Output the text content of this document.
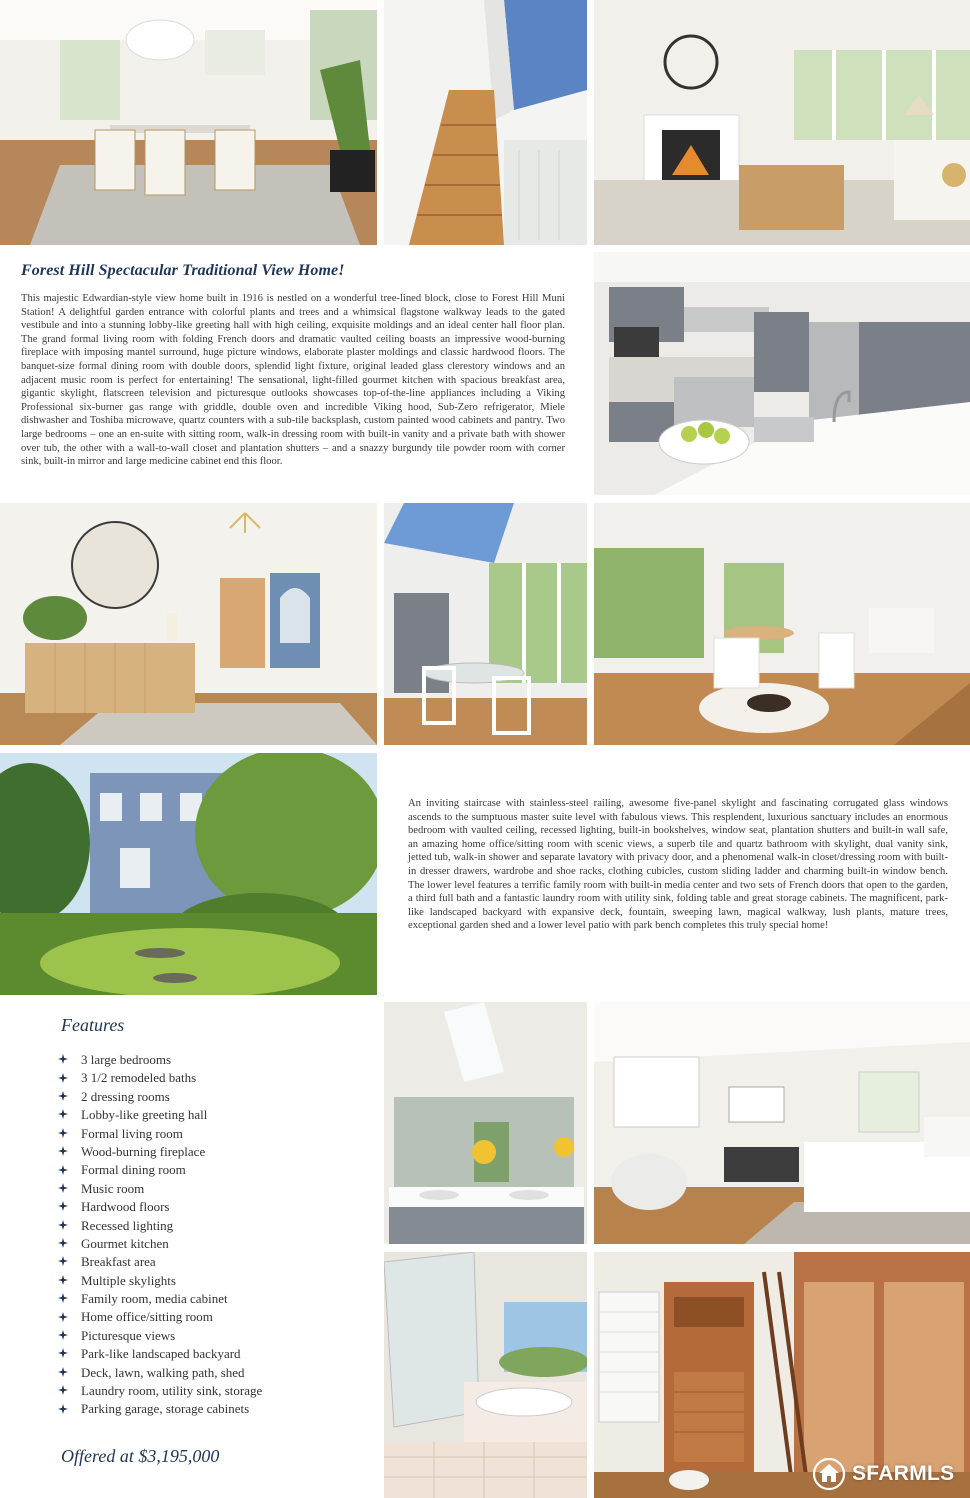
Forest Hill Spectacular Traditional View Home!

This majestic Edwardian-style view home built in 1916 is nestled on a wonderful tree-lined block, close to Forest Hill Muni Station! A delightful garden entrance with colorful plants and trees and a whimsical flagstone walkway leads to the gated vestibule and into a stunning lobby-like greeting hall with high ceiling, exquisite moldings and an ideal center hall floor plan. The grand formal living room with folding French doors and dramatic vaulted ceiling boasts an impressive wood-burning fireplace with imposing mantel surround, huge picture windows, elaborate plaster moldings and classic hardwood floors. The banquet-size formal dining room with double doors, splendid light fixture, original leaded glass clerestory windows and an adjacent music room is perfect for entertaining! The sensational, light-filled gourmet kitchen with spacious breakfast area, gigantic skylight, flatscreen television and picturesque outlooks showcases top-of-the-line appliances including a Viking Professional six-burner gas range with griddle, double oven and incredible Viking hood, Sub-Zero refrigerator, Miele dishwasher and Toshiba microwave, quartz counters with a sub-tile backsplash, custom painted wood cabinets and pantry. Two large bedrooms – one an en-suite with sitting room, walk-in dressing room with built-in vanity and a private bath with shower over tub, the other with a wall-to-wall closet and plantation shutters – and a snazzy burgundy tile powder room with corner sink, built-in mirror and large medicine cabinet end this floor.

An inviting staircase with stainless-steel railing, awesome five-panel skylight and fascinating corrugated glass windows ascends to the sumptuous master suite level with fabulous views. This resplendent, luxurious sanctuary includes an enormous bedroom with vaulted ceiling, recessed lighting, built-in bookshelves, window seat, plantation shutters and built-in wall safe, an amazing home office/sitting room with scenic views, a superb tile and quartz bathroom with skylight, dual vanity sink, jetted tub, walk-in shower and separate lavatory with privacy door, and a phenomenal walk-in closet/dressing room with built-in dresser drawers, wardrobe and shoe racks, clothing cubicles, custom sliding ladder and charming built-in window bench. The lower level features a terrific family room with built-in media center and two sets of French doors that open to the garden, a third full bath and a fantastic laundry room with utility sink, folding table and great storage cabinets. The magnificent, park-like landscaped backyard with expansive deck, fountain, sweeping lawn, magical walkway, lush plants, mature trees, exceptional garden shed and a lower level patio with park bench completes this truly special home!

Features
3 large bedrooms
3 1/2 remodeled baths
2 dressing rooms
Lobby-like greeting hall
Formal living room
Wood-burning fireplace
Formal dining room
Music room
Hardwood floors
Recessed lighting
Gourmet kitchen
Breakfast area
Multiple skylights
Family room, media cabinet
Home office/sitting room
Picturesque views
Park-like landscaped backyard
Deck, lawn, walking path, shed
Laundry room, utility sink, storage
Parking garage, storage cabinets
Offered at $3,195,000
SFARMLS
